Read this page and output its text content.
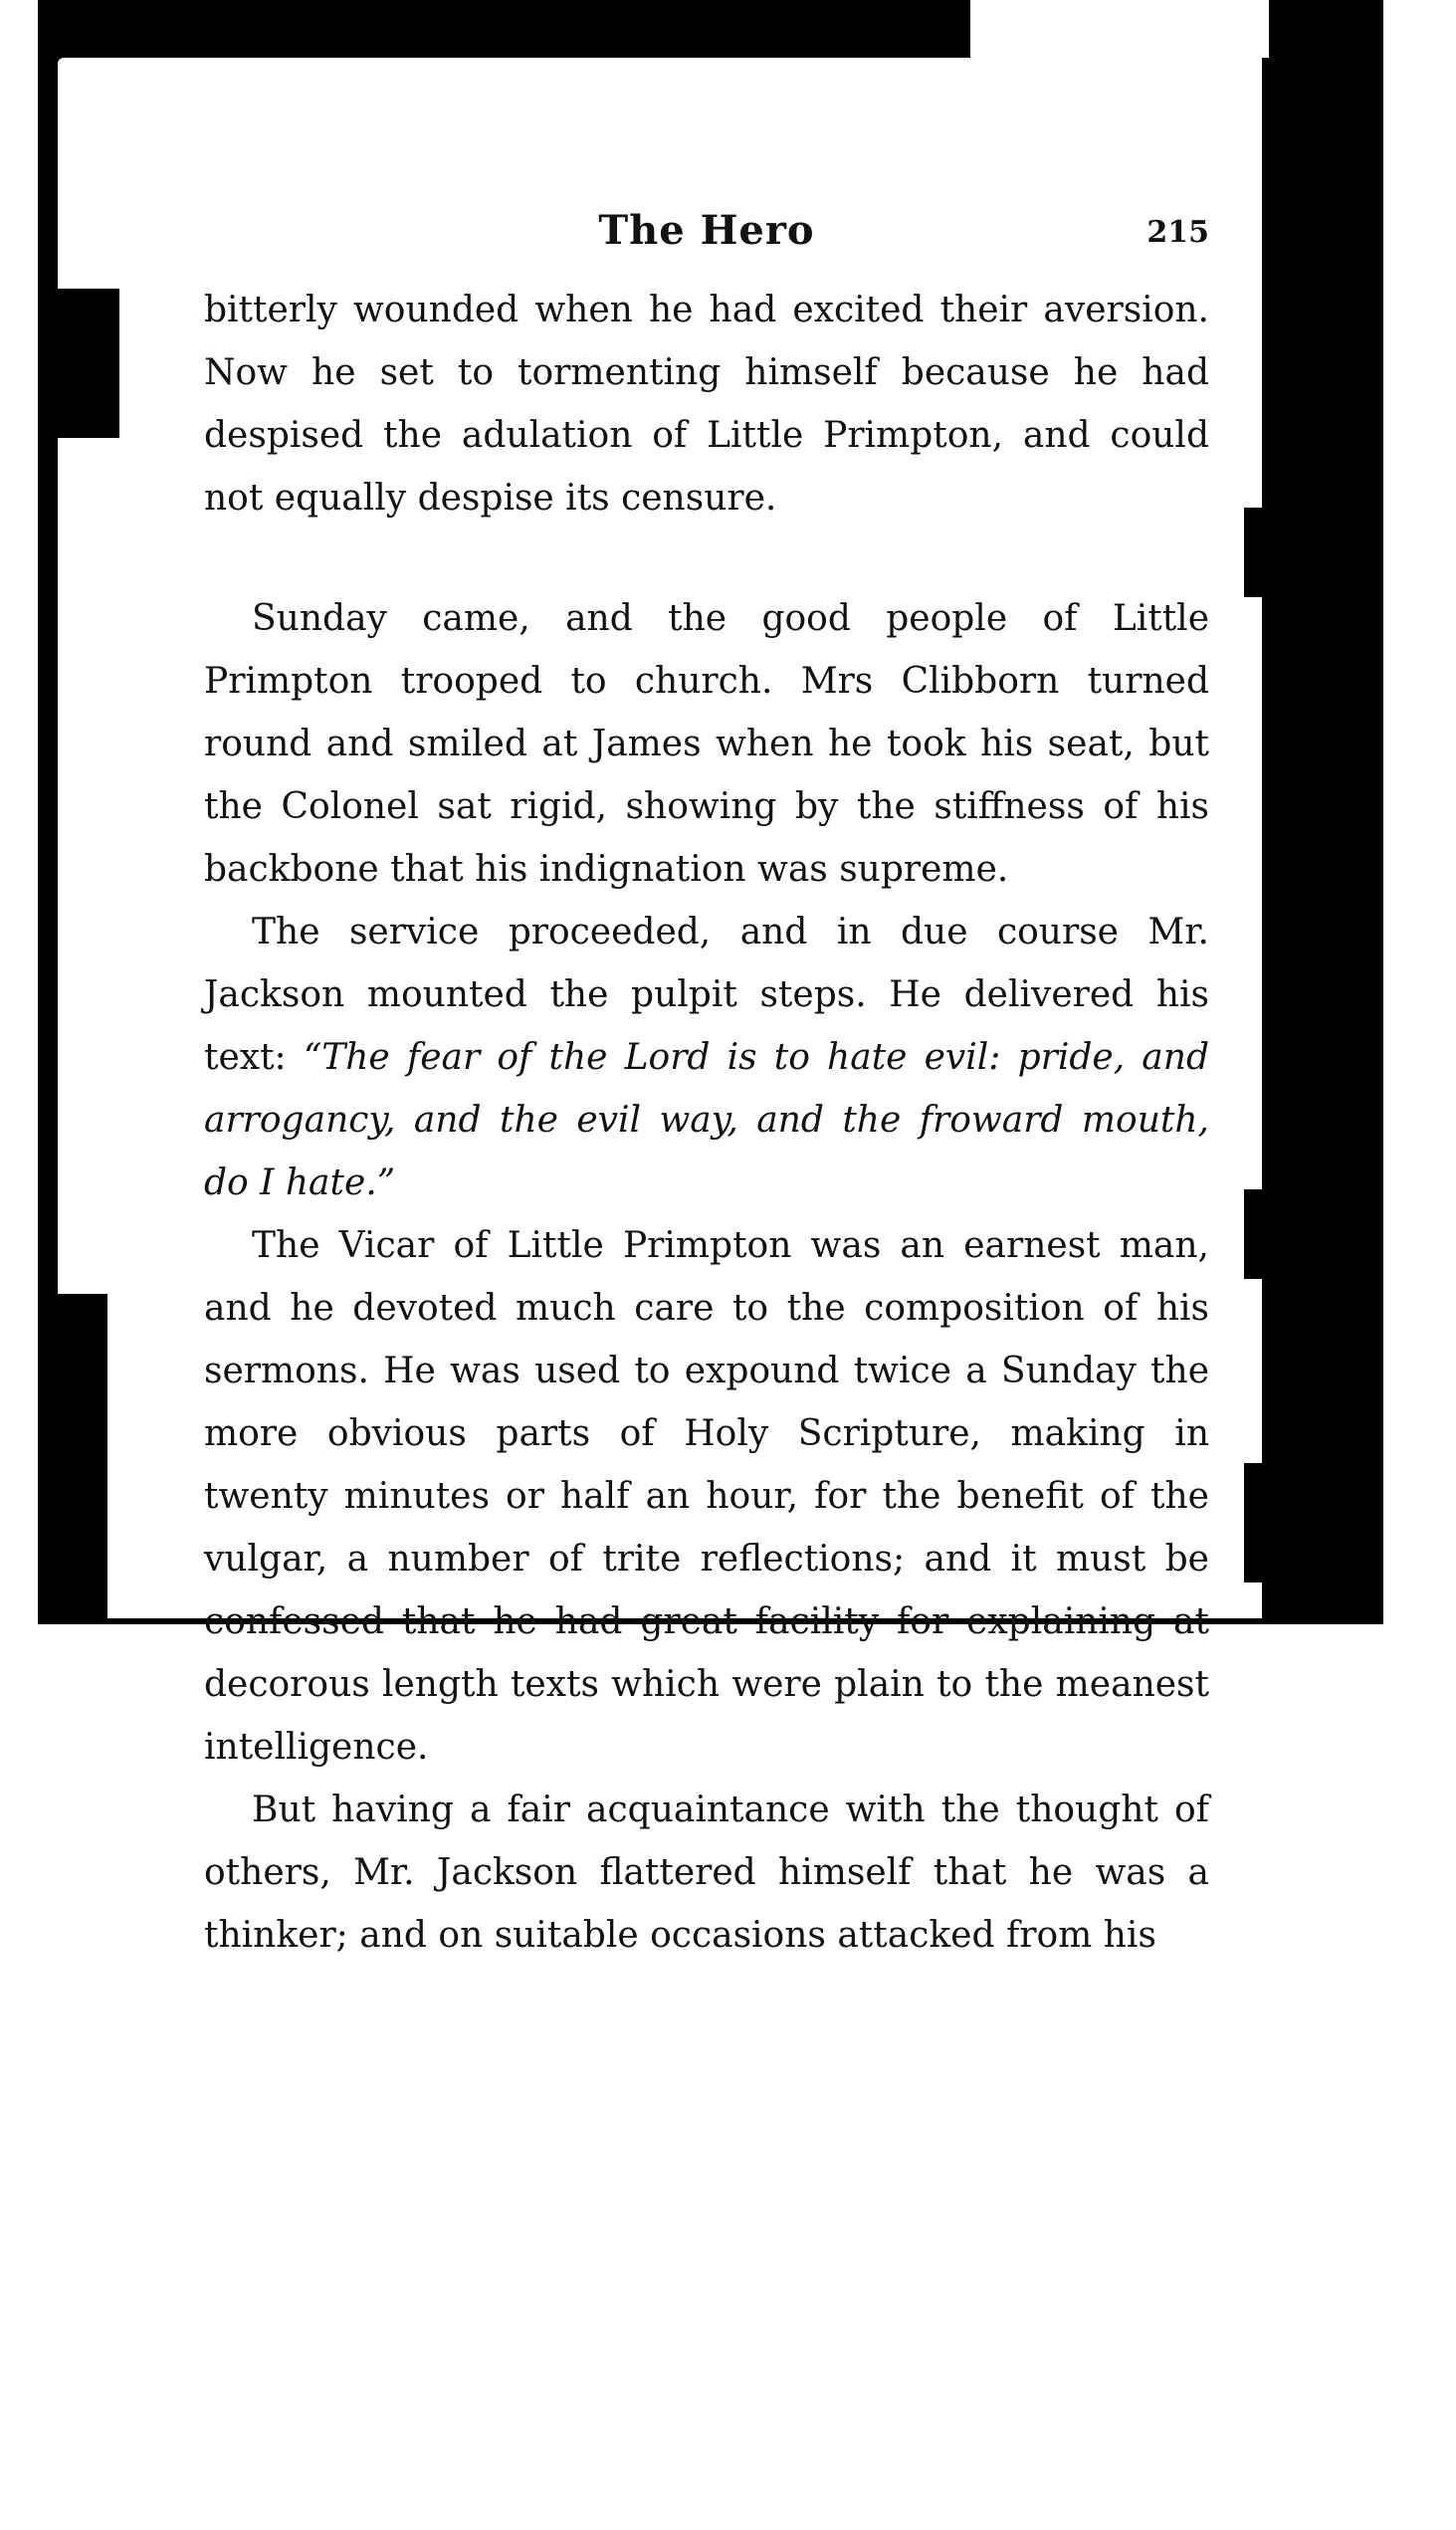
The Hero	215

bitterly wounded when he had excited their aversion. Now he set to tormenting himself because he had despised the adulation of Little Primpton, and could not equally despise its censure.

Sunday came, and the good people of Little Primpton trooped to church. Mrs Clibborn turned round and smiled at James when he took his seat, but the Colonel sat rigid, showing by the stiffness of his backbone that his indignation was supreme.

The service proceeded, and in due course Mr. Jackson mounted the pulpit steps. He delivered his text: “The fear of the Lord is to hate evil: pride, and arrogancy, and the evil way, and the froward mouth, do I hate.”

The Vicar of Little Primpton was an earnest man, and he devoted much care to the composition of his sermons. He was used to expound twice a Sunday the more obvious parts of Holy Scripture, making in twenty minutes or half an hour, for the benefit of the vulgar, a number of trite reflections; and it must be confessed that he had great facility for explaining at decorous length texts which were plain to the meanest intelligence.

But having a fair acquaintance with the thought of others, Mr. Jackson flattered himself that he was a thinker; and on suitable occasions attacked from his
